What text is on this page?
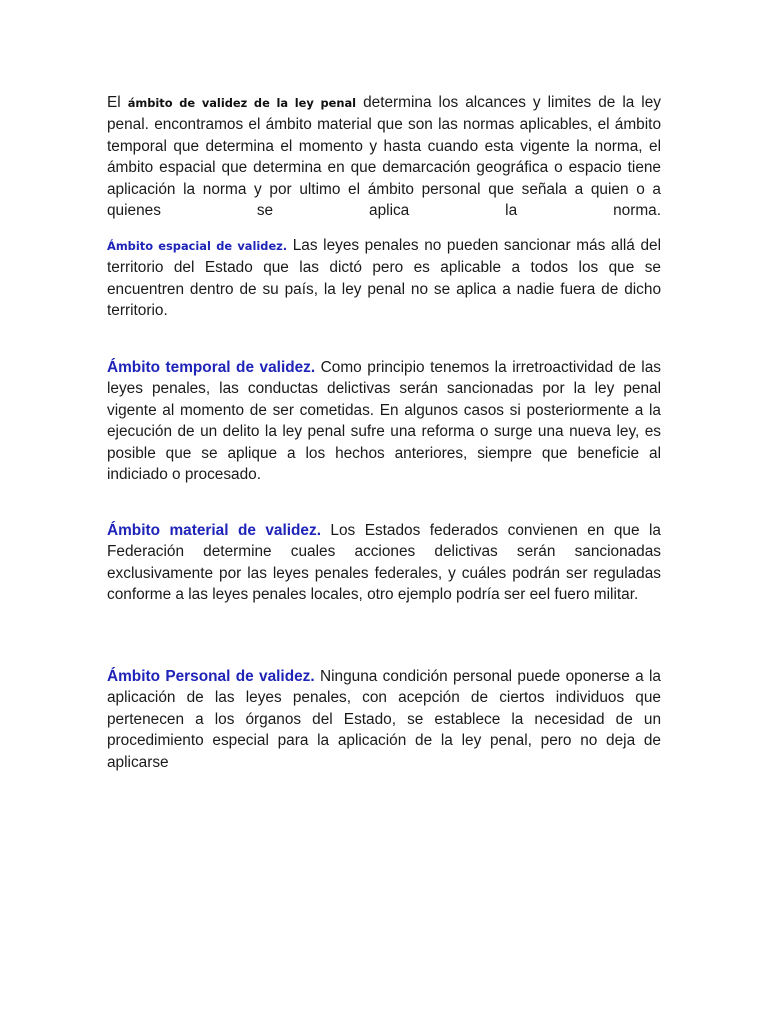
El ámbito de validez de la ley penal determina los alcances y limites de la ley penal. encontramos el ámbito material que son las normas aplicables, el ámbito temporal que determina el momento y hasta cuando esta vigente la norma, el ámbito espacial que determina en que demarcación geográfica o espacio tiene aplicación la norma y por ultimo el ámbito personal que señala a quien o a quienes se aplica la norma.

Ámbito espacial de validez. Las leyes penales no pueden sancionar más allá del territorio del Estado que las dictó pero es aplicable a todos los que se encuentren dentro de su país, la ley penal no se aplica a nadie fuera de dicho territorio.

Ámbito temporal de validez. Como principio tenemos la irretroactividad de las leyes penales, las conductas delictivas serán sancionadas por la ley penal vigente al momento de ser cometidas. En algunos casos si posteriormente a la ejecución de un delito la ley penal sufre una reforma o surge una nueva ley, es posible que se aplique a los hechos anteriores, siempre que beneficie al indiciado o procesado.

Ámbito material de validez. Los Estados federados convienen en que la Federación determine cuales acciones delictivas serán sancionadas exclusivamente por las leyes penales federales, y cuáles podrán ser reguladas conforme a las leyes penales locales, otro ejemplo podría ser eel fuero militar.

Ámbito Personal de validez. Ninguna condición personal puede oponerse a la aplicación de las leyes penales, con acepción de ciertos individuos que pertenecen a los órganos del Estado, se establece la necesidad de un procedimiento especial para la aplicación de la ley penal, pero no deja de aplicarse
